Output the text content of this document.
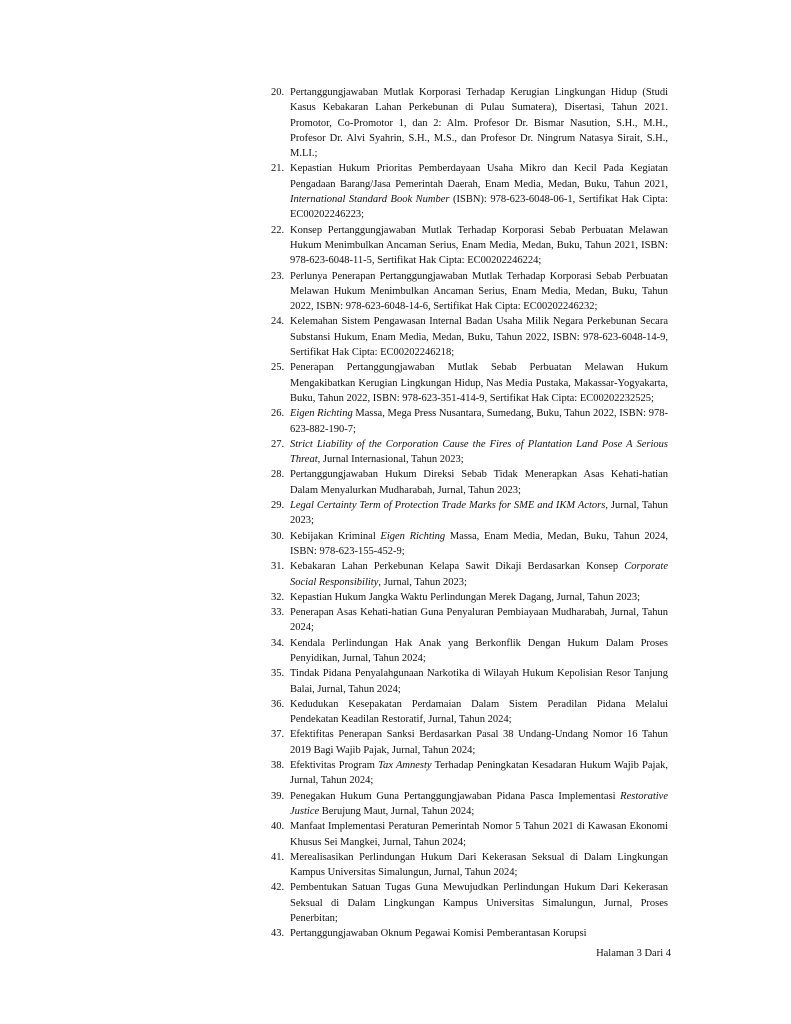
20. Pertanggungjawaban Mutlak Korporasi Terhadap Kerugian Lingkungan Hidup (Studi Kasus Kebakaran Lahan Perkebunan di Pulau Sumatera), Disertasi, Tahun 2021. Promotor, Co-Promotor 1, dan 2: Alm. Profesor Dr. Bismar Nasution, S.H., M.H., Profesor Dr. Alvi Syahrin, S.H., M.S., dan Profesor Dr. Ningrum Natasya Sirait, S.H., M.LI.;
21. Kepastian Hukum Prioritas Pemberdayaan Usaha Mikro dan Kecil Pada Kegiatan Pengadaan Barang/Jasa Pemerintah Daerah, Enam Media, Medan, Buku, Tahun 2021, International Standard Book Number (ISBN): 978-623-6048-06-1, Sertifikat Hak Cipta: EC00202246223;
22. Konsep Pertanggungjawaban Mutlak Terhadap Korporasi Sebab Perbuatan Melawan Hukum Menimbulkan Ancaman Serius, Enam Media, Medan, Buku, Tahun 2021, ISBN: 978-623-6048-11-5, Sertifikat Hak Cipta: EC00202246224;
23. Perlunya Penerapan Pertanggungjawaban Mutlak Terhadap Korporasi Sebab Perbuatan Melawan Hukum Menimbulkan Ancaman Serius, Enam Media, Medan, Buku, Tahun 2022, ISBN: 978-623-6048-14-6, Sertifikat Hak Cipta: EC00202246232;
24. Kelemahan Sistem Pengawasan Internal Badan Usaha Milik Negara Perkebunan Secara Substansi Hukum, Enam Media, Medan, Buku, Tahun 2022, ISBN: 978-623-6048-14-9, Sertifikat Hak Cipta: EC00202246218;
25. Penerapan Pertanggungjawaban Mutlak Sebab Perbuatan Melawan Hukum Mengakibatkan Kerugian Lingkungan Hidup, Nas Media Pustaka, Makassar-Yogyakarta, Buku, Tahun 2022, ISBN: 978-623-351-414-9, Sertifikat Hak Cipta: EC00202232525;
26. Eigen Richting Massa, Mega Press Nusantara, Sumedang, Buku, Tahun 2022, ISBN: 978-623-882-190-7;
27. Strict Liability of the Corporation Cause the Fires of Plantation Land Pose A Serious Threat, Jurnal Internasional, Tahun 2023;
28. Pertanggungjawaban Hukum Direksi Sebab Tidak Menerapkan Asas Kehati-hatian Dalam Menyalurkan Mudharabah, Jurnal, Tahun 2023;
29. Legal Certainty Term of Protection Trade Marks for SME and IKM Actors, Jurnal, Tahun 2023;
30. Kebijakan Kriminal Eigen Richting Massa, Enam Media, Medan, Buku, Tahun 2024, ISBN: 978-623-155-452-9;
31. Kebakaran Lahan Perkebunan Kelapa Sawit Dikaji Berdasarkan Konsep Corporate Social Responsibility, Jurnal, Tahun 2023;
32. Kepastian Hukum Jangka Waktu Perlindungan Merek Dagang, Jurnal, Tahun 2023;
33. Penerapan Asas Kehati-hatian Guna Penyaluran Pembiayaan Mudharabah, Jurnal, Tahun 2024;
34. Kendala Perlindungan Hak Anak yang Berkonflik Dengan Hukum Dalam Proses Penyidikan, Jurnal, Tahun 2024;
35. Tindak Pidana Penyalahgunaan Narkotika di Wilayah Hukum Kepolisian Resor Tanjung Balai, Jurnal, Tahun 2024;
36. Kedudukan Kesepakatan Perdamaian Dalam Sistem Peradilan Pidana Melalui Pendekatan Keadilan Restoratif, Jurnal, Tahun 2024;
37. Efektifitas Penerapan Sanksi Berdasarkan Pasal 38 Undang-Undang Nomor 16 Tahun 2019 Bagi Wajib Pajak, Jurnal, Tahun 2024;
38. Efektivitas Program Tax Amnesty Terhadap Peningkatan Kesadaran Hukum Wajib Pajak, Jurnal, Tahun 2024;
39. Penegakan Hukum Guna Pertanggungjawaban Pidana Pasca Implementasi Restorative Justice Berujung Maut, Jurnal, Tahun 2024;
40. Manfaat Implementasi Peraturan Pemerintah Nomor 5 Tahun 2021 di Kawasan Ekonomi Khusus Sei Mangkei, Jurnal, Tahun 2024;
41. Merealisasikan Perlindungan Hukum Dari Kekerasan Seksual di Dalam Lingkungan Kampus Universitas Simalungun, Jurnal, Tahun 2024;
42. Pembentukan Satuan Tugas Guna Mewujudkan Perlindungan Hukum Dari Kekerasan Seksual di Dalam Lingkungan Kampus Universitas Simalungun, Jurnal, Proses Penerbitan;
43. Pertanggungjawaban Oknum Pegawai Komisi Pemberantasan Korupsi
Halaman 3 Dari 4
